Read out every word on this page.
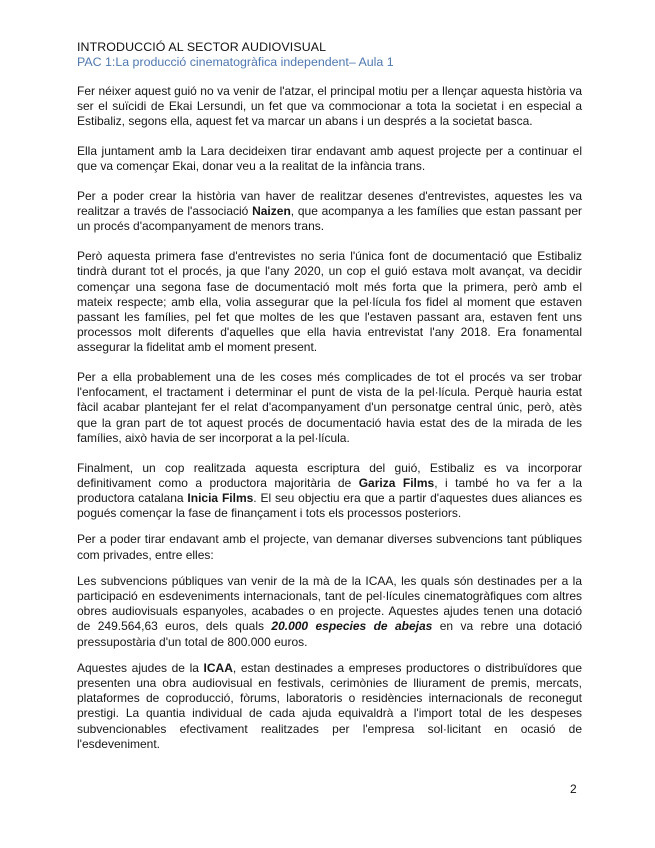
INTRODUCCIÓ AL SECTOR AUDIOVISUAL
PAC 1:La producció cinematogràfica independent– Aula 1

Fer néixer aquest guió no va venir de l'atzar, el principal motiu per a llençar aquesta història va ser el suïcidi de Ekai Lersundi, un fet que va commocionar a tota la societat i en especial a Estibaliz, segons ella, aquest fet va marcar un abans i un després a la societat basca.

Ella juntament amb la Lara decideixen tirar endavant amb aquest projecte per a continuar el que va començar Ekai, donar veu a la realitat de la infància trans.

Per a poder crear la història van haver de realitzar desenes d'entrevistes, aquestes les va realitzar a través de l'associació Naizen, que acompanya a les famílies que estan passant per un procés d'acompanyament de menors trans.

Però aquesta primera fase d'entrevistes no seria l'única font de documentació que Estibaliz tindrà durant tot el procés, ja que l'any 2020, un cop el guió estava molt avançat, va decidir començar una segona fase de documentació molt més forta que la primera, però amb el mateix respecte; amb ella, volia assegurar que la pel·lícula fos fidel al moment que estaven passant les famílies, pel fet que moltes de les que l'estaven passant ara, estaven fent uns processos molt diferents d'aquelles que ella havia entrevistat l'any 2018. Era fonamental assegurar la fidelitat amb el moment present.

Per a ella probablement una de les coses més complicades de tot el procés va ser trobar l'enfocament, el tractament i determinar el punt de vista de la pel·lícula. Perquè hauria estat fàcil acabar plantejant fer el relat d'acompanyament d'un personatge central únic, però, atès que la gran part de tot aquest procés de documentació havia estat des de la mirada de les famílies, això havia de ser incorporat a la pel·lícula.

Finalment, un cop realitzada aquesta escriptura del guió, Estibaliz es va incorporar definitivament como a productora majoritària de Gariza Films, i també ho va fer a la productora catalana Inicia Films. El seu objectiu era que a partir d'aquestes dues aliances es pogués començar la fase de finançament i tots els processos posteriors.

Per a poder tirar endavant amb el projecte, van demanar diverses subvencions tant públiques com privades, entre elles:

Les subvencions públiques van venir de la mà de la ICAA, les quals són destinades per a la participació en esdeveniments internacionals, tant de pel·lícules cinematogràfiques com altres obres audiovisuals espanyoles, acabades o en projecte. Aquestes ajudes tenen una dotació de 249.564,63 euros, dels quals 20.000 especies de abejas en va rebre una dotació pressupostària d'un total de 800.000 euros.

Aquestes ajudes de la ICAA, estan destinades a empreses productores o distribuïdores que presenten una obra audiovisual en festivals, cerimònies de lliurament de premis, mercats, plataformes de coproducció, fòrums, laboratoris o residències internacionals de reconegut prestigi. La quantia individual de cada ajuda equivaldrà a l'import total de les despeses subvencionables efectivament realitzades per l'empresa sol·licitant en ocasió de l'esdeveniment.

2
